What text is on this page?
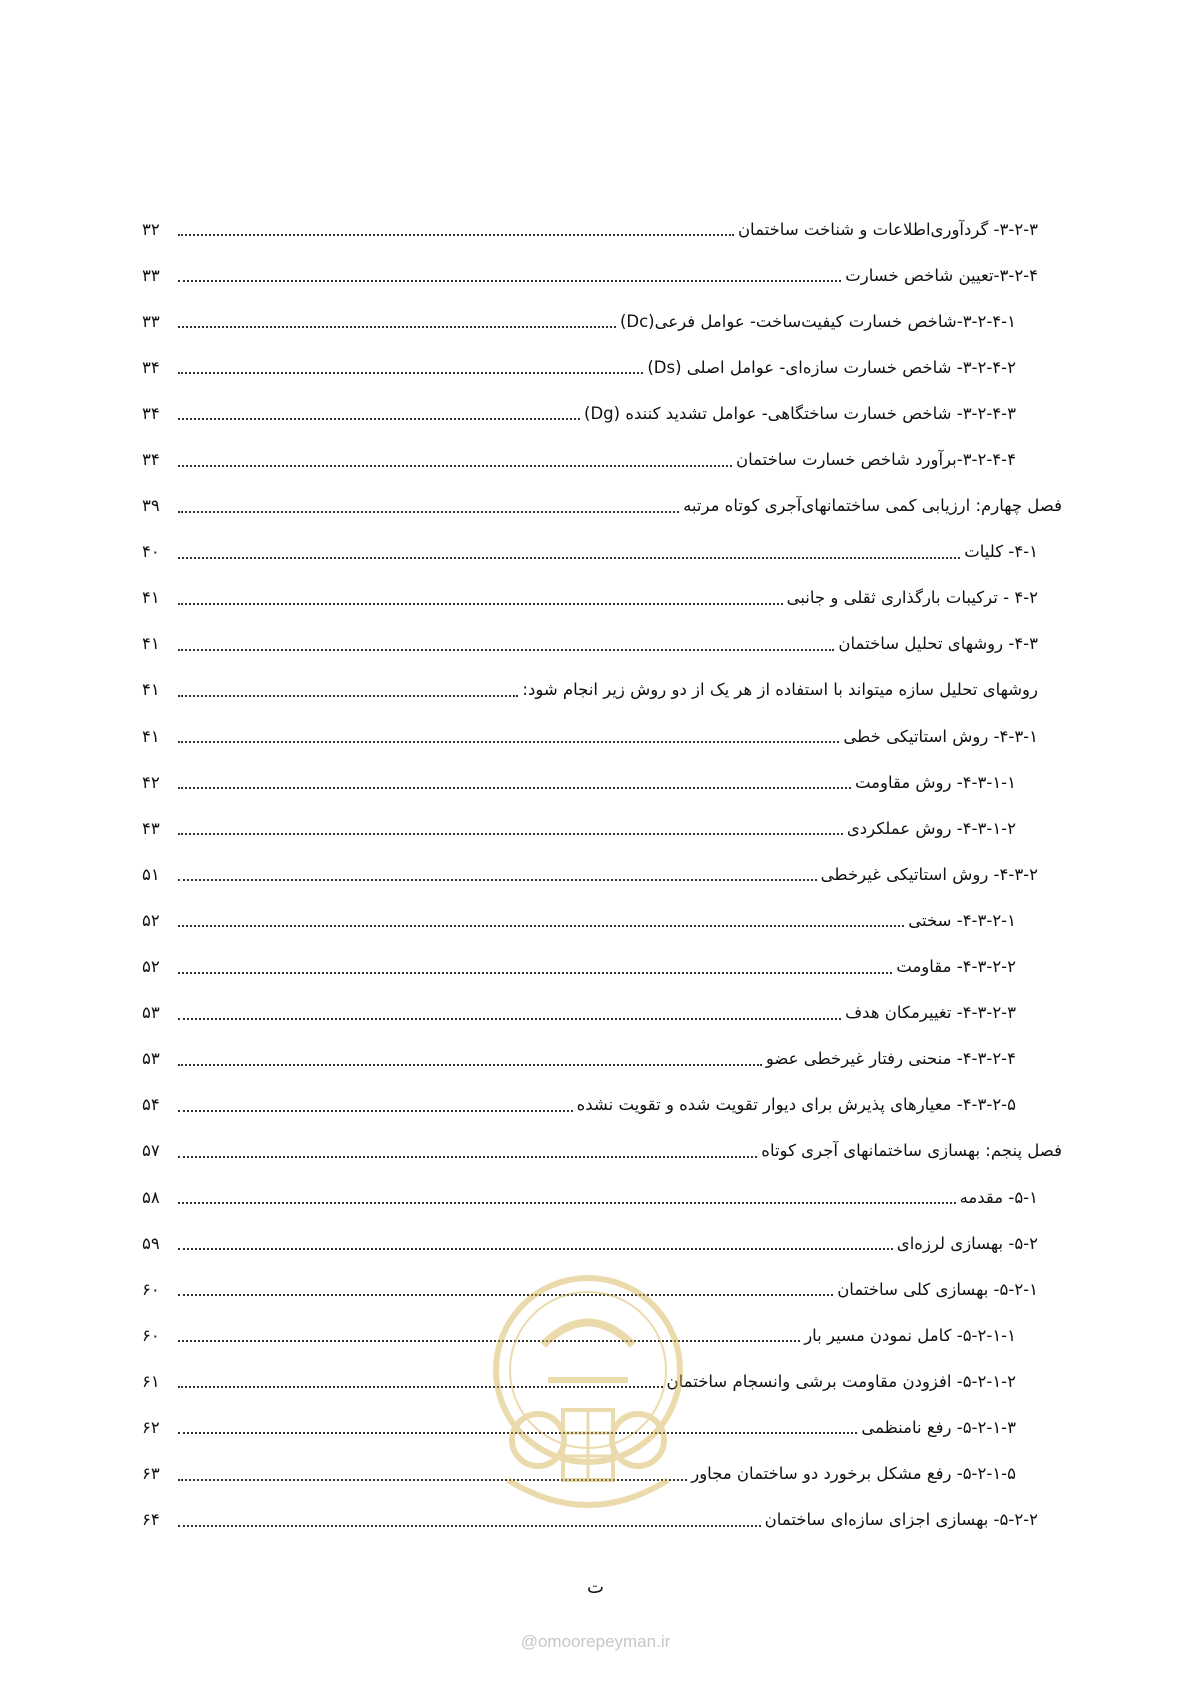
۳-۲-۳- گردآوری‌اطلاعات و شناخت ساختمان
۳۲
۳-۲-۴-تعیین شاخص خسارت
۳۳
۳-۲-۴-۱-شاخص خسارت کیفیت‌ساخت- عوامل فرعی(Dc)
۳۳
۳-۲-۴-۲- شاخص خسارت سازه‌ای- عوامل اصلی (Ds)
۳۴
۳-۲-۴-۳- شاخص خسارت ساختگاهی- عوامل تشدید کننده (Dg)
۳۴
۳-۲-۴-۴-برآورد شاخص خسارت ساختمان
۳۴
فصل چهارم: ارزیابی کمی ساختمانهای‌آجری کوتاه مرتبه
۳۹
۴-۱- کلیات
۴۰
۴-۲ - ترکیبات بارگذاری ثقلی و جانبی
۴۱
۴-۳- روشهای تحلیل ساختمان
۴۱
روشهای تحلیل سازه میتواند با استفاده از هر یک از دو روش زیر انجام شود:
۴۱
۴-۳-۱- روش استاتیکی خطی
۴۱
۴-۳-۱-۱- روش مقاومت
۴۲
۴-۳-۱-۲- روش عملکردی
۴۳
۴-۳-۲- روش استاتیکی غیرخطی
۵۱
۴-۳-۲-۱- سختی
۵۲
۴-۳-۲-۲- مقاومت
۵۲
۴-۳-۲-۳- تغییرمکان هدف
۵۳
۴-۳-۲-۴- منحنی رفتار غیرخطی عضو
۵۳
۴-۳-۲-۵- معیارهای پذیرش برای دیوار تقویت شده و تقویت نشده
۵۴
فصل پنجم: بهسازی ساختمانهای آجری کوتاه
۵۷
۵-۱- مقدمه
۵۸
۵-۲- بهسازی لرزه‌ای
۵۹
۵-۲-۱- بهسازی کلی ساختمان
۶۰
۵-۲-۱-۱- کامل نمودن مسیر بار
۶۰
۵-۲-۱-۲- افزودن مقاومت برشی وانسجام ساختمان
۶۱
۵-۲-۱-۳- رفع نامنظمی
۶۲
۵-۲-۱-۵- رفع مشکل برخورد دو ساختمان مجاور
۶۳
۵-۲-۲- بهسازی اجزای سازه‌ای ساختمان
۶۴
ت
@omoorepeyman.ir
